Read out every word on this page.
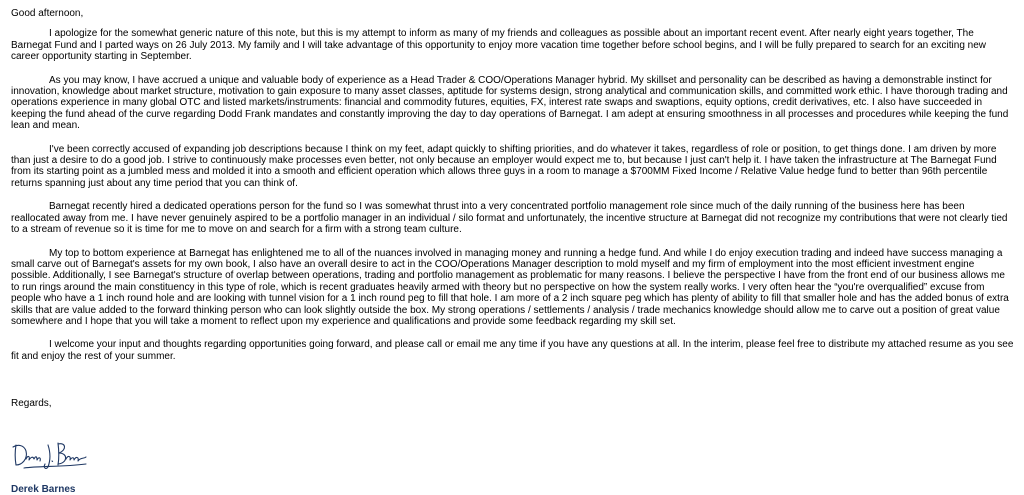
Good afternoon,

I apologize for the somewhat generic nature of this note, but this is my attempt to inform as many of my friends and colleagues as possible about an important recent event. After nearly eight years together, The Barnegat Fund and I parted ways on 26 July 2013. My family and I will take advantage of this opportunity to enjoy more vacation time together before school begins, and I will be fully prepared to search for an exciting new career opportunity starting in September.

As you may know, I have accrued a unique and valuable body of experience as a Head Trader & COO/Operations Manager hybrid. My skillset and personality can be described as having a demonstrable instinct for innovation, knowledge about market structure, motivation to gain exposure to many asset classes, aptitude for systems design, strong analytical and communication skills, and committed work ethic. I have thorough trading and operations experience in many global OTC and listed markets/instruments: financial and commodity futures, equities, FX, interest rate swaps and swaptions, equity options, credit derivatives, etc. I also have succeeded in keeping the fund ahead of the curve regarding Dodd Frank mandates and constantly improving the day to day operations of Barnegat. I am adept at ensuring smoothness in all processes and procedures while keeping the fund lean and mean.

I've been correctly accused of expanding job descriptions because I think on my feet, adapt quickly to shifting priorities, and do whatever it takes, regardless of role or position, to get things done. I am driven by more than just a desire to do a good job. I strive to continuously make processes even better, not only because an employer would expect me to, but because I just can't help it. I have taken the infrastructure at The Barnegat Fund from its starting point as a jumbled mess and molded it into a smooth and efficient operation which allows three guys in a room to manage a $700MM Fixed Income / Relative Value hedge fund to better than 96th percentile returns spanning just about any time period that you can think of.

Barnegat recently hired a dedicated operations person for the fund so I was somewhat thrust into a very concentrated portfolio management role since much of the daily running of the business here has been reallocated away from me. I have never genuinely aspired to be a portfolio manager in an individual / silo format and unfortunately, the incentive structure at Barnegat did not recognize my contributions that were not clearly tied to a stream of revenue so it is time for me to move on and search for a firm with a strong team culture.

My top to bottom experience at Barnegat has enlightened me to all of the nuances involved in managing money and running a hedge fund. And while I do enjoy execution trading and indeed have success managing a small carve out of Barnegat's assets for my own book, I also have an overall desire to act in the COO/Operations Manager description to mold myself and my firm of employment into the most efficient investment engine possible. Additionally, I see Barnegat's structure of overlap between operations, trading and portfolio management as problematic for many reasons. I believe the perspective I have from the front end of our business allows me to run rings around the main constituency in this type of role, which is recent graduates heavily armed with theory but no perspective on how the system really works. I very often hear the “you're overqualified” excuse from people who have a 1 inch round hole and are looking with tunnel vision for a 1 inch round peg to fill that hole. I am more of a 2 inch square peg which has plenty of ability to fill that smaller hole and has the added bonus of extra skills that are value added to the forward thinking person who can look slightly outside the box. My strong operations / settlements / analysis / trade mechanics knowledge should allow me to carve out a position of great value somewhere and I hope that you will take a moment to reflect upon my experience and qualifications and provide some feedback regarding my skill set.

I welcome your input and thoughts regarding opportunities going forward, and please call or email me any time if you have any questions at all. In the interim, please feel free to distribute my attached resume as you see fit and enjoy the rest of your summer.

Regards,

Derek Barnes
